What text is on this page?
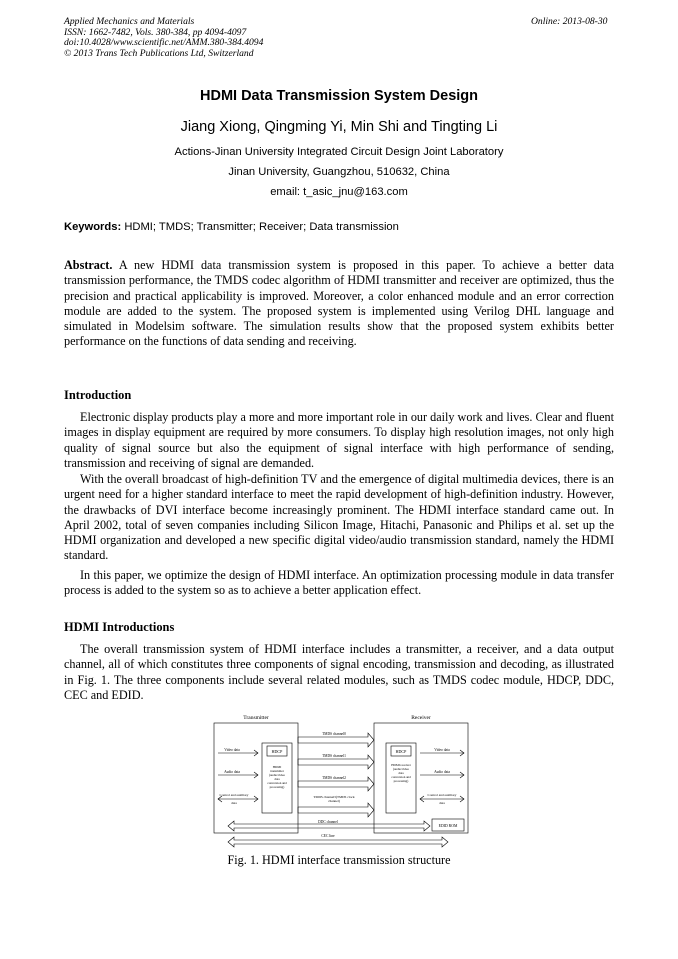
Applied Mechanics and Materials
ISSN: 1662-7482, Vols. 380-384, pp 4094-4097
doi:10.4028/www.scientific.net/AMM.380-384.4094
© 2013 Trans Tech Publications Ltd, Switzerland
Online: 2013-08-30
HDMI Data Transmission System Design
Jiang Xiong, Qingming Yi, Min Shi and Tingting Li
Actions-Jinan University Integrated Circuit Design Joint Laboratory
Jinan University, Guangzhou, 510632, China
email: t_asic_jnu@163.com
Keywords: HDMI; TMDS; Transmitter; Receiver; Data transmission

Abstract. A new HDMI data transmission system is proposed in this paper. To achieve a better data transmission performance, the TMDS codec algorithm of HDMI transmitter and receiver are optimized, thus the precision and practical applicability is improved. Moreover, a color enhanced module and an error correction module are added to the system. The proposed system is implemented using Verilog DHL language and simulated in Modelsim software. The simulation results show that the proposed system exhibits better performance on the functions of data sending and receiving.

Introduction

Electronic display products play a more and more important role in our daily work and lives. Clear and fluent images in display equipment are required by more consumers. To display high resolution images, not only high quality of signal source but also the equipment of signal interface with high performance of sending, transmission and receiving of signal are demanded.

With the overall broadcast of high-definition TV and the emergence of digital multimedia devices, there is an urgent need for a higher standard interface to meet the rapid development of high-definition industry. However, the drawbacks of DVI interface become increasingly prominent. The HDMI interface standard came out. In April 2002, total of seven companies including Silicon Image, Hitachi, Panasonic and Philips et al. set up the HDMI organization and developed a new specific digital video/audio transmission standard, namely the HDMI standard.

In this paper, we optimize the design of HDMI interface. An optimization processing module in data transfer process is added to the system so as to achieve a better application effect.

HDMI Introductions

The overall transmission system of HDMI interface includes a transmitter, a receiver, and a data output channel, all of which constitutes three components of signal encoding, transmission and decoding, as illustrated in Fig. 1. The three components include several related modules, such as TMDS codec module, HDCP, DDC, CEC and EDID.

Transmitter	Receiver
HDCP
HDMI
transmitter
(audio/video
data
conversion and
processing)
Video data
Audio data
Control and auxiliary
data
HDCP
HDMI receiver
(audio/video
data
conversion and
processing)
Video data
Audio data
Control and auxiliary
data
TMDS channel0
TMDS channel1
TMDS channel2
TMDS channel3(TMDS clock
channel)
DDC channel
CEC line
EDID ROM
Fig. 1. HDMI interface transmission structure
